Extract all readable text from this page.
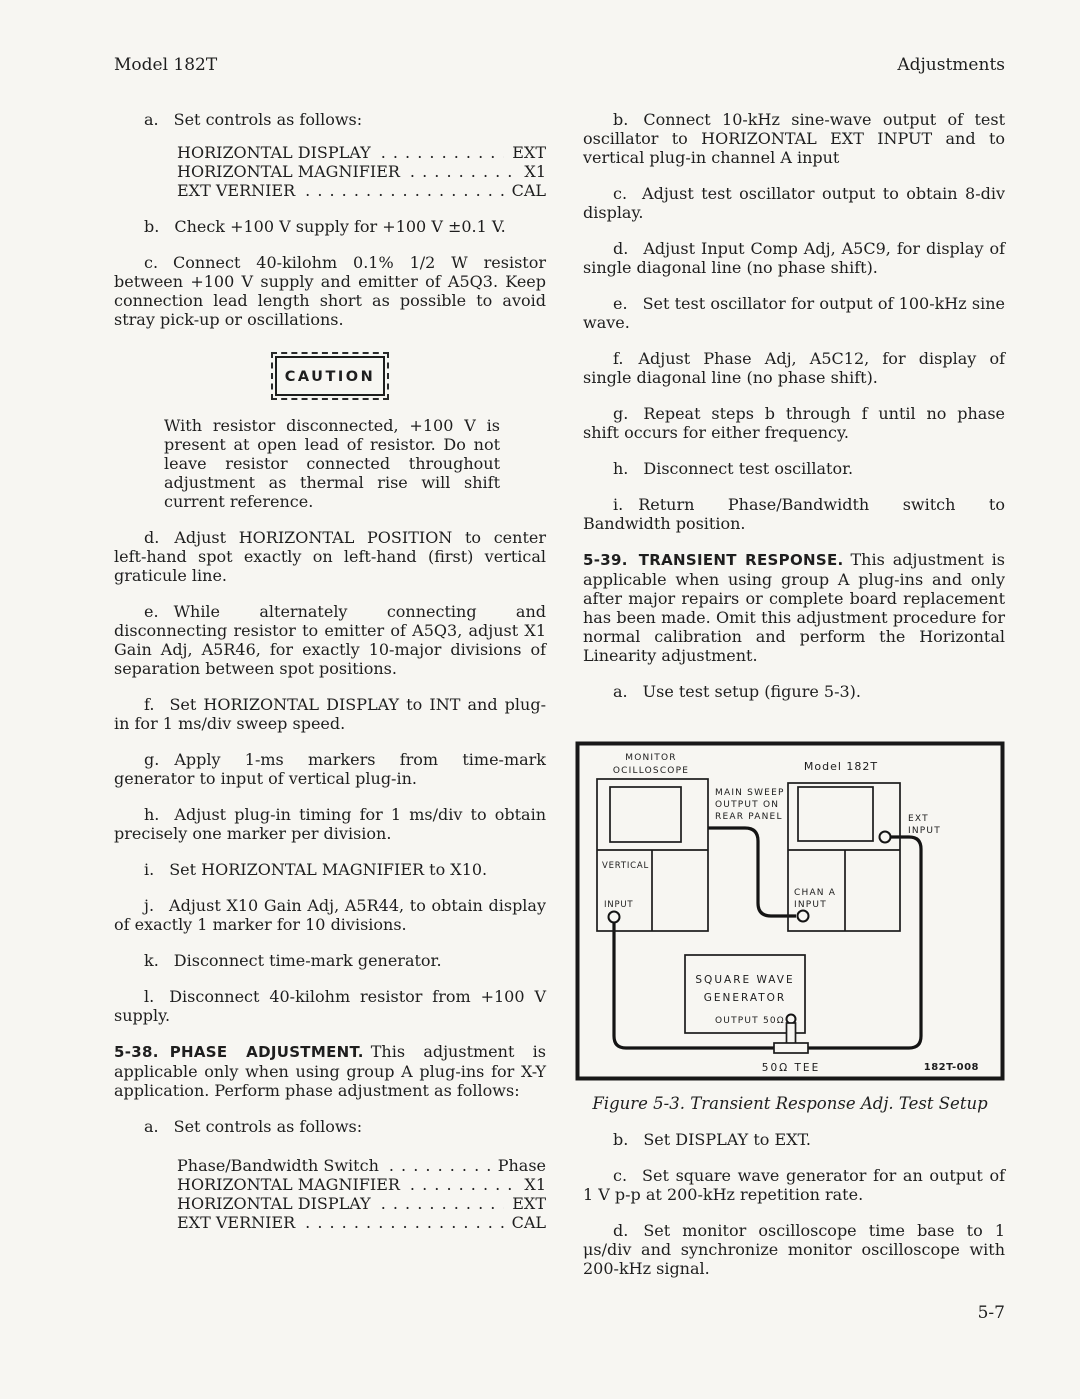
Model 182T	Adjustments

a. Set controls as follows:

HORIZONTAL DISPLAY . . .	EXT
HORIZONTAL MAGNIFIER . . .	X1
EXT VERNIER . . .	CAL

b. Check +100 V supply for +100 V ±0.1 V.

c. Connect 40-kilohm 0.1% 1/2 W resistor between +100 V supply and emitter of A5Q3. Keep connection lead length short as possible to avoid stray pick-up or oscillations.

CAUTION

With resistor disconnected, +100 V is present at open lead of resistor. Do not leave resistor connected throughout adjustment as thermal rise will shift current reference.

d. Adjust HORIZONTAL POSITION to center left-hand spot exactly on left-hand (first) vertical graticule line.

e. While alternately connecting and disconnecting resistor to emitter of A5Q3, adjust X1 Gain Adj, A5R46, for exactly 10-major divisions of separation between spot positions.

f. Set HORIZONTAL DISPLAY to INT and plug-in for 1 ms/div sweep speed.

g. Apply 1-ms markers from time-mark generator to input of vertical plug-in.

h. Adjust plug-in timing for 1 ms/div to obtain precisely one marker per division.

i. Set HORIZONTAL MAGNIFIER to X10.

j. Adjust X10 Gain Adj, A5R44, to obtain display of exactly 1 marker for 10 divisions.

k. Disconnect time-mark generator.

l. Disconnect 40-kilohm resistor from +100 V supply.

5-38. PHASE ADJUSTMENT. This adjustment is applicable only when using group A plug-ins for X-Y application. Perform phase adjustment as follows:

a. Set controls as follows:

Phase/Bandwidth Switch . . .	Phase
HORIZONTAL MAGNIFIER . . .	X1
HORIZONTAL DISPLAY . . .	EXT
EXT VERNIER . . .	CAL

b. Connect 10-kHz sine-wave output of test oscillator to HORIZONTAL EXT INPUT and to vertical plug-in channel A input

c. Adjust test oscillator output to obtain 8-div display.

d. Adjust Input Comp Adj, A5C9, for display of single diagonal line (no phase shift).

e. Set test oscillator for output of 100-kHz sine wave.

f. Adjust Phase Adj, A5C12, for display of single diagonal line (no phase shift).

g. Repeat steps b through f until no phase shift occurs for either frequency.

h. Disconnect test oscillator.

i. Return Phase/Bandwidth switch to Bandwidth position.

5-39. TRANSIENT RESPONSE. This adjustment is applicable when using group A plug-ins and only after major repairs or complete board replacement has been made. Omit this adjustment procedure for normal calibration and perform the Horizontal Linearity adjustment.

a. Use test setup (figure 5-3).

MONITOR
OCILLOSCOPE
VERTICAL
INPUT
MAIN SWEEP
OUTPUT ON
REAR PANEL
Model 182T
CHAN A
INPUT
EXT
INPUT
SQUARE WAVE
GENERATOR
OUTPUT 50Ω
50Ω TEE	182T-008
Figure 5-3. Transient Response Adj. Test Setup

b. Set DISPLAY to EXT.

c. Set square wave generator for an output of 1 V p-p at 200-kHz repetition rate.

d. Set monitor oscilloscope time base to 1 μs/div and synchronize monitor oscilloscope with 200-kHz signal.

5-7
